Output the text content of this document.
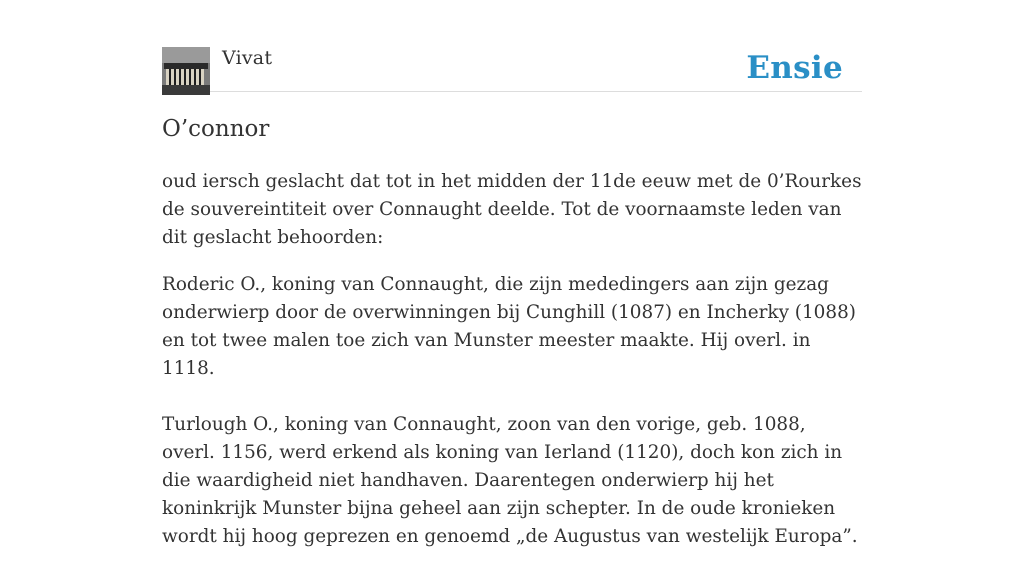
Vivat	Ensie
O’connor

oud iersch geslacht dat tot in het midden der 11de eeuw met de 0’Rourkes de souvereintiteit over Connaught deelde. Tot de voornaamste leden van dit geslacht behoorden:

Roderic O., koning van Connaught, die zijn mededingers aan zijn gezag onderwierp door de overwinningen bij Cunghill (1087) en Incherky (1088) en tot twee malen toe zich van Munster meester maakte. Hij overl. in 1118.

Turlough O., koning van Connaught, zoon van den vorige, geb. 1088, overl. 1156, werd erkend als koning van Ierland (1120), doch kon zich in die waardigheid niet handhaven. Daarentegen onderwierp hij het koninkrijk Munster bijna geheel aan zijn schepter. In de oude kronieken wordt hij hoog geprezen en genoemd „de Augustus van westelijk Europa”.
